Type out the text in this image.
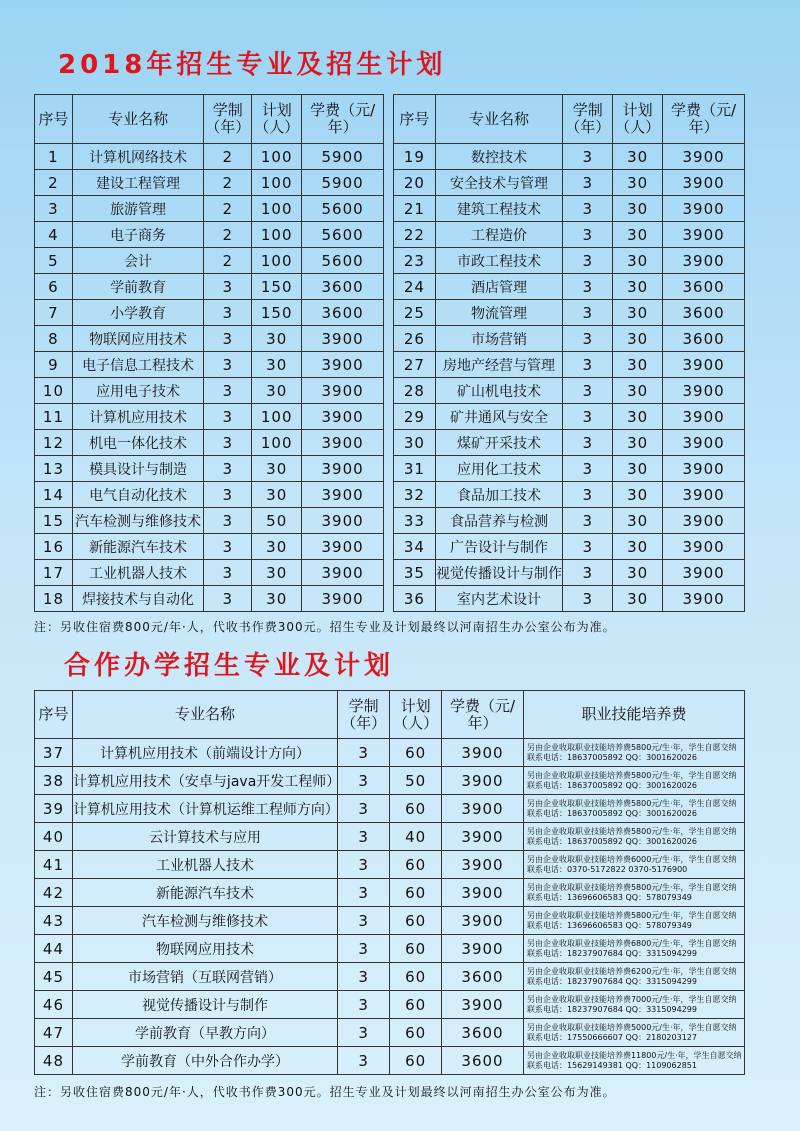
2018年招生专业及招生计划
序号	专业名称	学制（年）	计划（人）	学费（元/年）
1	计算机网络技术	2	100	5900
2	建设工程管理	2	100	5900
3	旅游管理	2	100	5600
4	电子商务	2	100	5600
5	会计	2	100	5600
6	学前教育	3	150	3600
7	小学教育	3	150	3600
8	物联网应用技术	3	30	3900
9	电子信息工程技术	3	30	3900
10	应用电子技术	3	30	3900
11	计算机应用技术	3	100	3900
12	机电一体化技术	3	100	3900
13	模具设计与制造	3	30	3900
14	电气自动化技术	3	30	3900
15	汽车检测与维修技术	3	50	3900
16	新能源汽车技术	3	30	3900
17	工业机器人技术	3	30	3900
18	焊接技术与自动化	3	30	3900
序号	专业名称	学制（年）	计划（人）	学费（元/年）
19	数控技术	3	30	3900
20	安全技术与管理	3	30	3900
21	建筑工程技术	3	30	3900
22	工程造价	3	30	3900
23	市政工程技术	3	30	3900
24	酒店管理	3	30	3600
25	物流管理	3	30	3600
26	市场营销	3	30	3600
27	房地产经营与管理	3	30	3900
28	矿山机电技术	3	30	3900
29	矿井通风与安全	3	30	3900
30	煤矿开采技术	3	30	3900
31	应用化工技术	3	30	3900
32	食品加工技术	3	30	3900
33	食品营养与检测	3	30	3900
34	广告设计与制作	3	30	3900
35	视觉传播设计与制作	3	30	3900
36	室内艺术设计	3	30	3900

注：另收住宿费800元/年·人，代收书作费300元。招生专业及计划最终以河南招生办公室公布为准。

合作办学招生专业及计划
序号	专业名称	学制（年）	计划（人）	学费（元/年）	职业技能培养费
37	计算机应用技术（前端设计方向）	3	60	3900	另由企业收取职业技能培养费5800元/生·年，学生自愿交纳
联系电话：18637005892 QQ：3001620026

38	计算机应用技术（安卓与java开发工程师）	3	50	3900	另由企业收取职业技能培养费5800元/生·年，学生自愿交纳
联系电话：18637005892 QQ：3001620026

39	计算机应用技术（计算机运维工程师方向）	3	60	3900	另由企业收取职业技能培养费5800元/生·年，学生自愿交纳
联系电话：18637005892 QQ：3001620026

40	云计算技术与应用	3	40	3900	另由企业收取职业技能培养费5800元/生·年，学生自愿交纳
联系电话：18637005892 QQ：3001620026

41	工业机器人技术	3	60	3900	另由企业收取职业技能培养费6000元/生·年，学生自愿交纳
联系电话：0370-5172822 0370-5176900

42	新能源汽车技术	3	60	3900	另由企业收取职业技能培养费5800元/生·年，学生自愿交纳
联系电话：13696606583 QQ：578079349

43	汽车检测与维修技术	3	60	3900	另由企业收取职业技能培养费5800元/生·年，学生自愿交纳
联系电话：13696606583 QQ：578079349

44	物联网应用技术	3	60	3900	另由企业收取职业技能培养费6800元/生·年，学生自愿交纳
联系电话：18237907684 QQ：3315094299

45	市场营销（互联网营销）	3	60	3600	另由企业收取职业技能培养费6200元/生·年，学生自愿交纳
联系电话：18237907684 QQ：3315094299

46	视觉传播设计与制作	3	60	3900	另由企业收取职业技能培养费7000元/生·年，学生自愿交纳
联系电话：18237907684 QQ：3315094299

47	学前教育（早教方向）	3	60	3600	另由企业收取职业技能培养费5000元/生·年，学生自愿交纳
联系电话：17550666607 QQ：2180203127

48	学前教育（中外合作办学）	3	60	3600	另由企业收取职业技能培养费11800元/生·年，学生自愿交纳
联系电话：15629149381 QQ：1109062851

注：另收住宿费800元/年·人，代收书作费300元。招生专业及计划最终以河南招生办公室公布为准。
